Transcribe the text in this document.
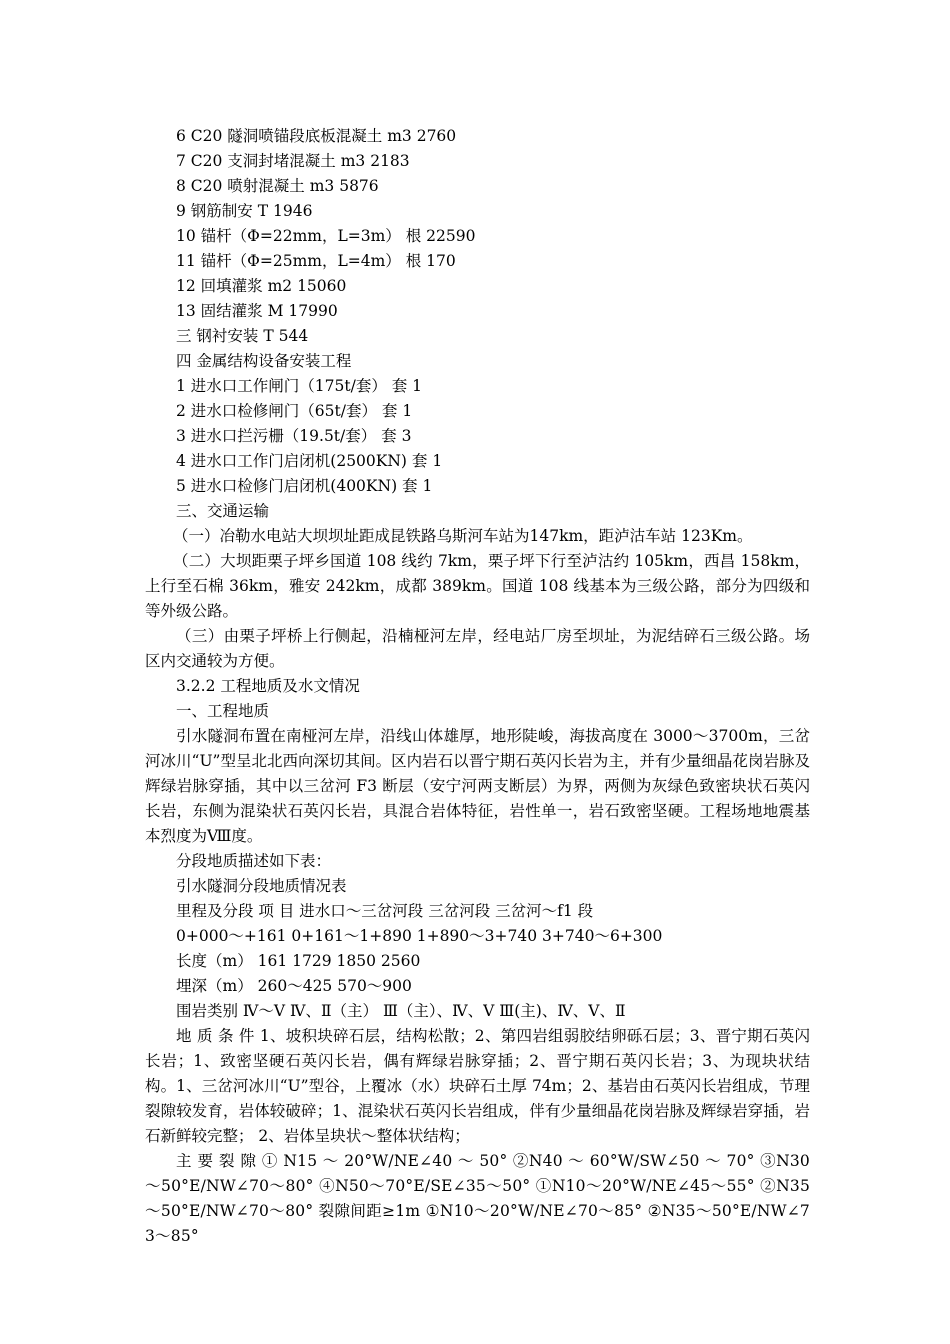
6 C20 隧洞喷锚段底板混凝土 m3 2760
7 C20 支洞封堵混凝土 m3 2183
8 C20 喷射混凝土 m3 5876
9 钢筋制安 T 1946
10 锚杆（Φ=22mm，L=3m） 根 22590
11 锚杆（Φ=25mm，L=4m） 根 170
12 回填灌浆 m2 15060
13 固结灌浆 M 17990
三 钢衬安装 T 544
四 金属结构设备安装工程
1 进水口工作闸门（175t/套） 套 1
2 进水口检修闸门（65t/套） 套 1
3 进水口拦污栅（19.5t/套） 套 3
4 进水口工作门启闭机(2500KN) 套 1
5 进水口检修门启闭机(400KN) 套 1
三、交通运输
（一）冶勒水电站大坝坝址距成昆铁路乌斯河车站为147km，距泸沽车站 123Km。
（二）大坝距栗子坪乡国道 108 线约 7km，栗子坪下行至泸沽约 105km，西昌 158km，上行至石棉 36km，雅安 242km，成都 389km。国道 108 线基本为三级公路，部分为四级和等外级公路。
（三）由栗子坪桥上行侧起，沿楠桠河左岸，经电站厂房至坝址，为泥结碎石三级公路。场区内交通较为方便。
3.2.2 工程地质及水文情况
一、工程地质
引水隧洞布置在南桠河左岸，沿线山体雄厚，地形陡峻，海拔高度在 3000～3700m，三岔河冰川“U”型呈北北西向深切其间。区内岩石以晋宁期石英闪长岩为主，并有少量细晶花岗岩脉及辉绿岩脉穿插，其中以三岔河 F3 断层（安宁河两支断层）为界，两侧为灰绿色致密块状石英闪长岩，东侧为混染状石英闪长岩，具混合岩体特征，岩性单一，岩石致密坚硬。工程场地地震基本烈度为Ⅷ度。
分段地质描述如下表：
引水隧洞分段地质情况表
里程及分段 项 目 进水口～三岔河段 三岔河段 三岔河～f1 段
0+000～+161 0+161～1+890 1+890～3+740 3+740～6+300
长度（m） 161 1729 1850 2560
埋深（m） 260～425 570～900
围岩类别 Ⅳ～Ⅴ Ⅳ、Ⅱ（主） Ⅲ（主）、Ⅳ、Ⅴ Ⅲ(主)、Ⅳ、Ⅴ、Ⅱ
地 质 条 件 1、坡积块碎石层，结构松散；2、第四岩组弱胶结卵砾石层；3、晋宁期石英闪长岩；1、致密坚硬石英闪长岩，偶有辉绿岩脉穿插；2、晋宁期石英闪长岩；3、为现块状结构。1、三岔河冰川“U”型谷，上覆冰（水）块碎石土厚 74m；2、基岩由石英闪长岩组成，节理裂隙较发育，岩体较破碎；1、混染状石英闪长岩组成，伴有少量细晶花岗岩脉及辉绿岩穿插，岩石新鲜较完整； 2、岩体呈块状～整体状结构；
主 要 裂 隙 ① N15 ～ 20°W/NE∠40 ～ 50° ②N40 ～ 60°W/SW∠50 ～ 70° ③N30～50°E/NW∠70～80° ④N50～70°E/SE∠35～50° ①N10～20°W/NE∠45～55° ②N35～50°E/NW∠70～80° 裂隙间距≥1m ①N10～20°W/NE∠70～85° ②N35～50°E/NW∠73～85°
